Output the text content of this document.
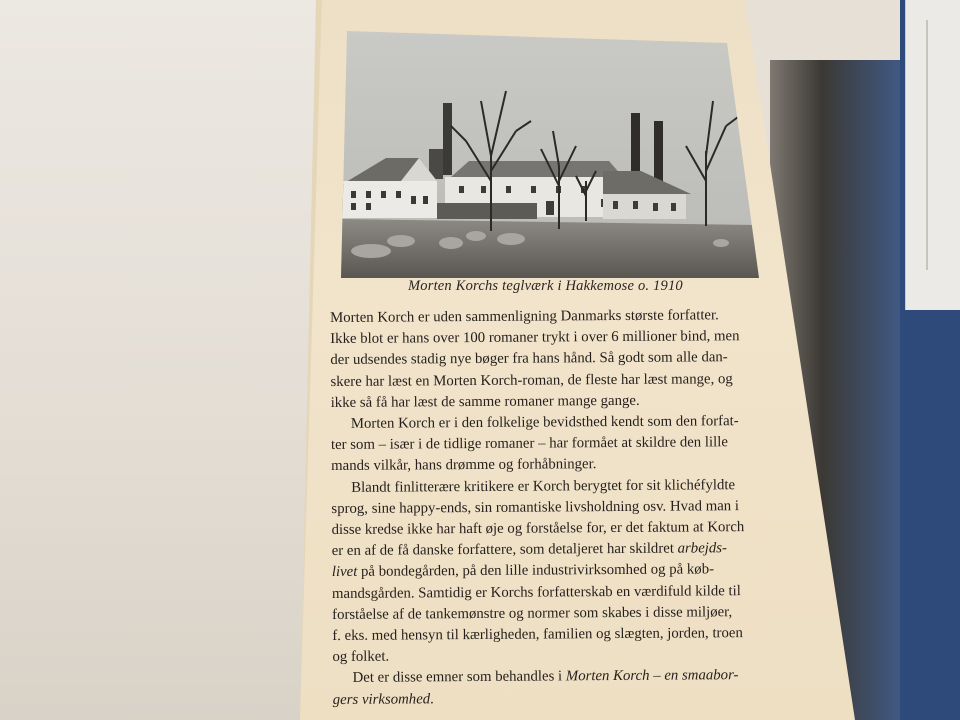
Morten Korchs teglværk i Hakkemose o. 1910
Morten Korch er uden sammenligning Danmarks største forfatter.
Ikke blot er hans over 100 romaner trykt i over 6 millioner bind, men
der udsendes stadig nye bøger fra hans hånd. Så godt som alle dan-
skere har læst en Morten Korch-roman, de fleste har læst mange, og
ikke så få har læst de samme romaner mange gange.
Morten Korch er i den folkelige bevidsthed kendt som den forfat-
ter som – især i de tidlige romaner – har formået at skildre den lille
mands vilkår, hans drømme og forhåbninger.
Blandt finlitterære kritikere er Korch berygtet for sit klichéfyldte
sprog, sine happy-ends, sin romantiske livsholdning osv. Hvad man i
disse kredse ikke har haft øje og forståelse for, er det faktum at Korch
er en af de få danske forfattere, som detaljeret har skildret arbejds-
livet på bondegården, på den lille industrivirksomhed og på køb-
mandsgården. Samtidig er Korchs forfatterskab en værdifuld kilde til
forståelse af de tankemønstre og normer som skabes i disse miljøer,
f. eks. med hensyn til kærligheden, familien og slægten, jorden, troen
og folket.
Det er disse emner som behandles i Morten Korch – en smaabor-
gers virksomhed.
